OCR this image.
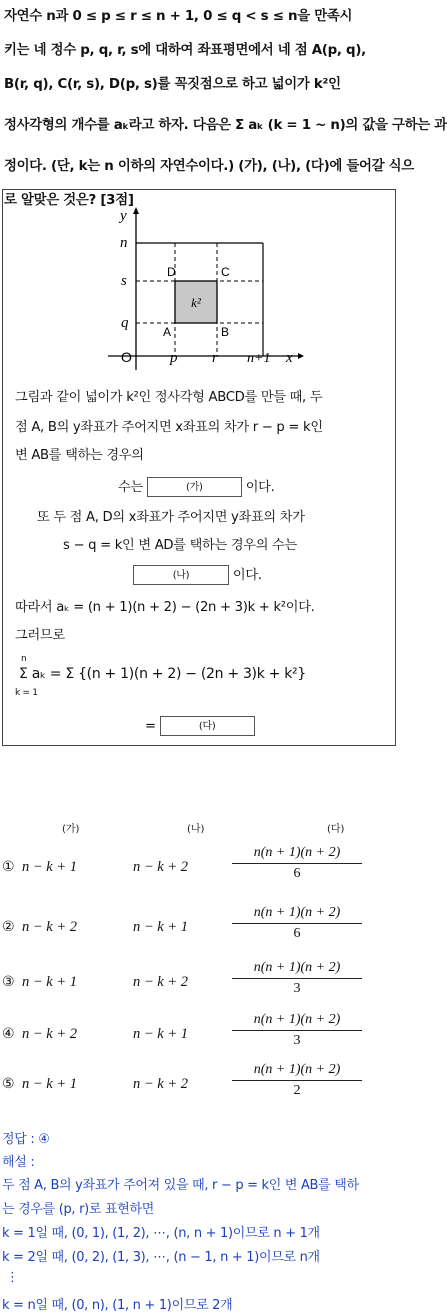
자연수 n과 0 ≤ p ≤ r ≤ n + 1, 0 ≤ q < s ≤ n을 만족시
키는 네 정수 p, q, r, s에 대하여 좌표평면에서 네 점 A(p, q),
B(r, q), C(r, s), D(p, s)를 꼭짓점으로 하고 넓이가 k²인
정사각형의 개수를 aₖ라고 하자. 다음은 Σ aₖ (k = 1 ~ n)의 값을 구하는 과
정이다. (단, k는 n 이하의 자연수이다.) (가), (나), (다)에 들어갈 식으
로 알맞은 것은? [3점]
k²
D	C
A	B
y
x
n
s
q
O	p r n+1
그림과 같이 넓이가 k²인 정사각형 ABCD를 만들 때, 두
점 A, B의 y좌표가 주어지면 x좌표의 차가 r − p = k인
변 AB를 택하는 경우의
수는	(가)	이다.
또 두 점 A, D의 x좌표가 주어지면 y좌표의 차가
s − q = k인 변 AD를 택하는 경우의 수는
(나)	이다.
따라서 aₖ = (n + 1)(n + 2) − (2n + 3)k + k²이다.
그러므로
n
Σ aₖ = Σ {(n + 1)(n + 2) − (2n + 3)k + k²}
k = 1
=	(다)
(가)	(나)	(다)
① n − k + 1	n − k + 2	$\frac{n(n + 1)(n + 2)}{6}$
② n − k + 2	n − k + 1	$\frac{n(n + 1)(n + 2)}{6}$
③ n − k + 1	n − k + 2	$\frac{n(n + 1)(n + 2)}{3}$
④ n − k + 2	n − k + 1	$\frac{n(n + 1)(n + 2)}{3}$
⑤ n − k + 1	n − k + 2	$\frac{n(n + 1)(n + 2)}{2}$
정답 : ④
해설 :
두 점 A, B의 y좌표가 주어져 있을 때, r − p = k인 변 AB를 택하
는 경우를 (p, r)로 표현하면
k = 1일 때, (0, 1), (1, 2), ⋯, (n, n + 1)이므로 n + 1개
k = 2일 때, (0, 2), (1, 3), ⋯, (n − 1, n + 1)이므로 n개
⋮
k = n일 때, (0, n), (1, n + 1)이므로 2개
